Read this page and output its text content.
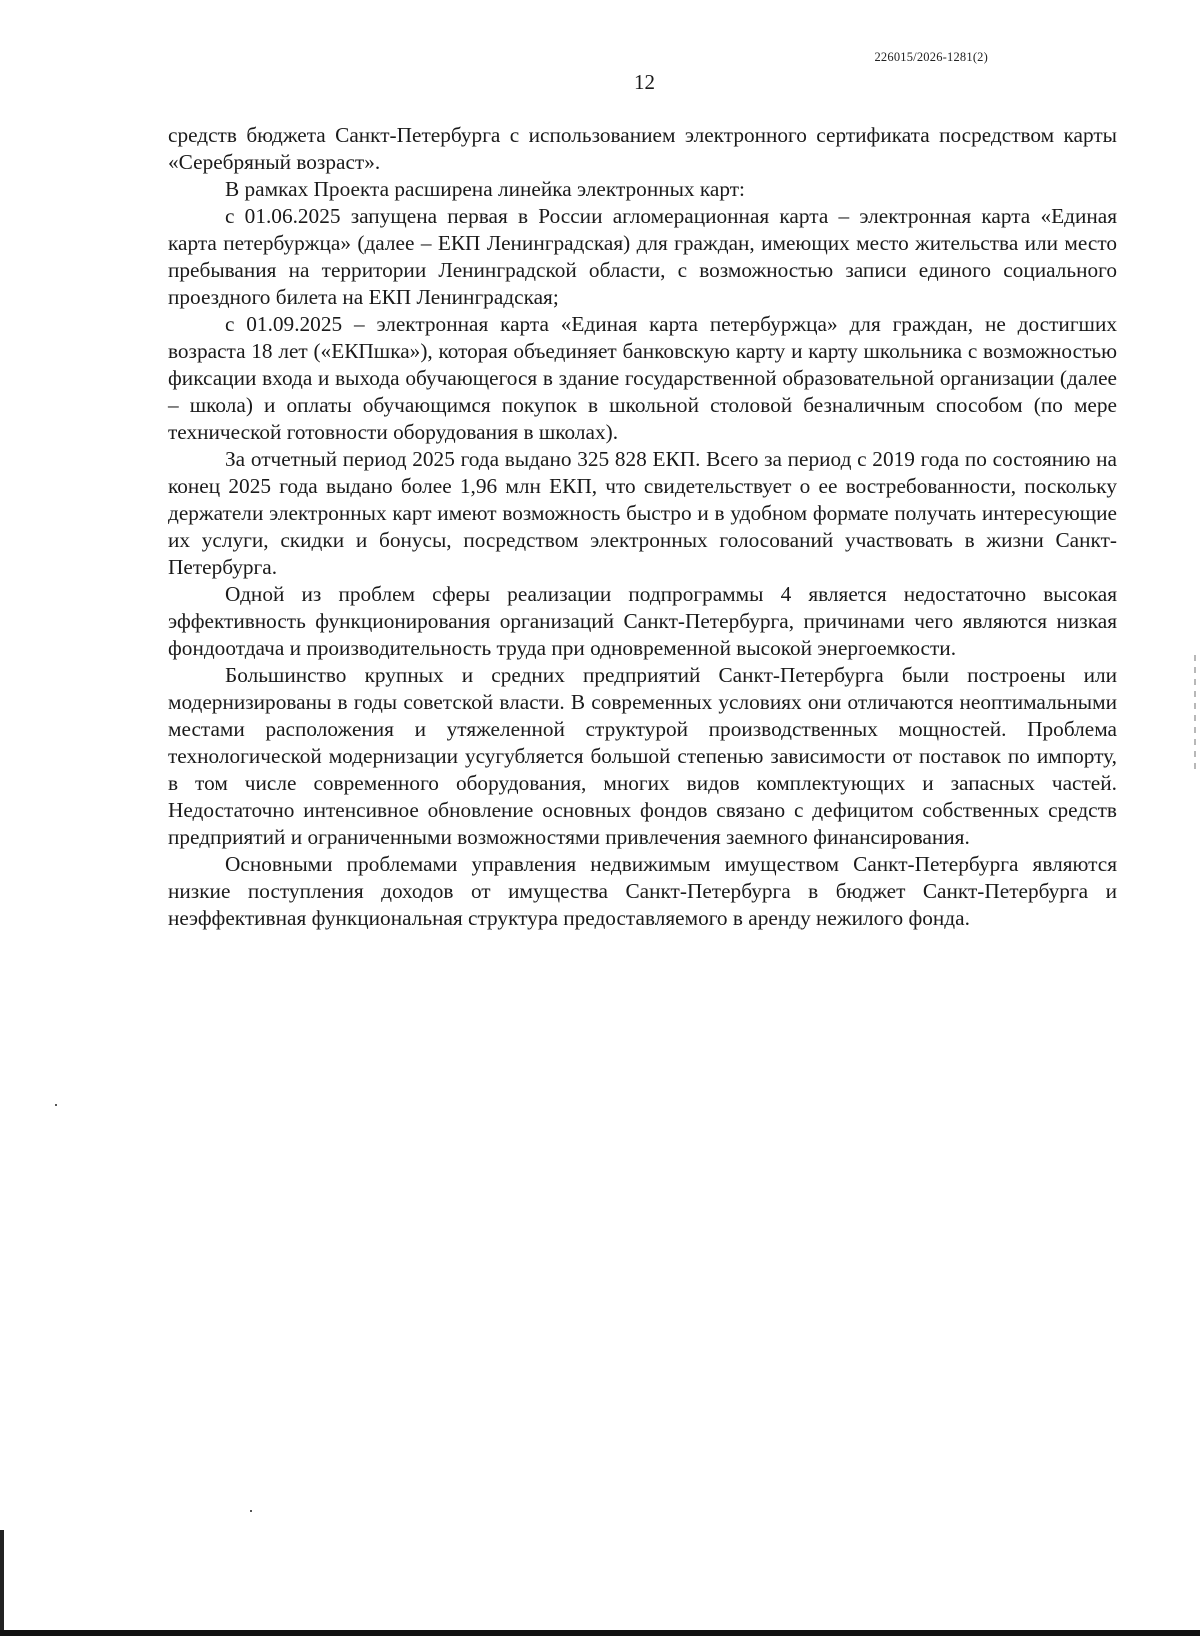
226015/2026-1281(2)
12

средств бюджета Санкт-Петербурга с использованием электронного сертификата посредством карты «Серебряный возраст».

В рамках Проекта расширена линейка электронных карт:

с 01.06.2025 запущена первая в России агломерационная карта – электронная карта «Единая карта петербуржца» (далее – ЕКП Ленинградская) для граждан, имеющих место жительства или место пребывания на территории Ленинградской области, с возможностью записи единого социального проездного билета на ЕКП Ленинградская;

с 01.09.2025 – электронная карта «Единая карта петербуржца» для граждан, не достигших возраста 18 лет («ЕКПшка»), которая объединяет банковскую карту и карту школьника с возможностью фиксации входа и выхода обучающегося в здание государственной образовательной организации (далее – школа) и оплаты обучающимся покупок в школьной столовой безналичным способом (по мере технической готовности оборудования в школах).

За отчетный период 2025 года выдано 325 828 ЕКП. Всего за период с 2019 года по состоянию на конец 2025 года выдано более 1,96 млн ЕКП, что свидетельствует о ее востребованности, поскольку держатели электронных карт имеют возможность быстро и в удобном формате получать интересующие их услуги, скидки и бонусы, посредством электронных голосований участвовать в жизни Санкт-Петербурга.

Одной из проблем сферы реализации подпрограммы 4 является недостаточно высокая эффективность функционирования организаций Санкт-Петербурга, причинами чего являются низкая фондоотдача и производительность труда при одновременной высокой энергоемкости.

Большинство крупных и средних предприятий Санкт-Петербурга были построены или модернизированы в годы советской власти. В современных условиях они отличаются неоптимальными местами расположения и утяжеленной структурой производственных мощностей. Проблема технологической модернизации усугубляется большой степенью зависимости от поставок по импорту, в том числе современного оборудования, многих видов комплектующих и запасных частей. Недостаточно интенсивное обновление основных фондов связано с дефицитом собственных средств предприятий и ограниченными возможностями привлечения заемного финансирования.

Основными проблемами управления недвижимым имуществом Санкт-Петербурга являются низкие поступления доходов от имущества Санкт-Петербурга в бюджет Санкт-Петербурга и неэффективная функциональная структура предоставляемого в аренду нежилого фонда.
